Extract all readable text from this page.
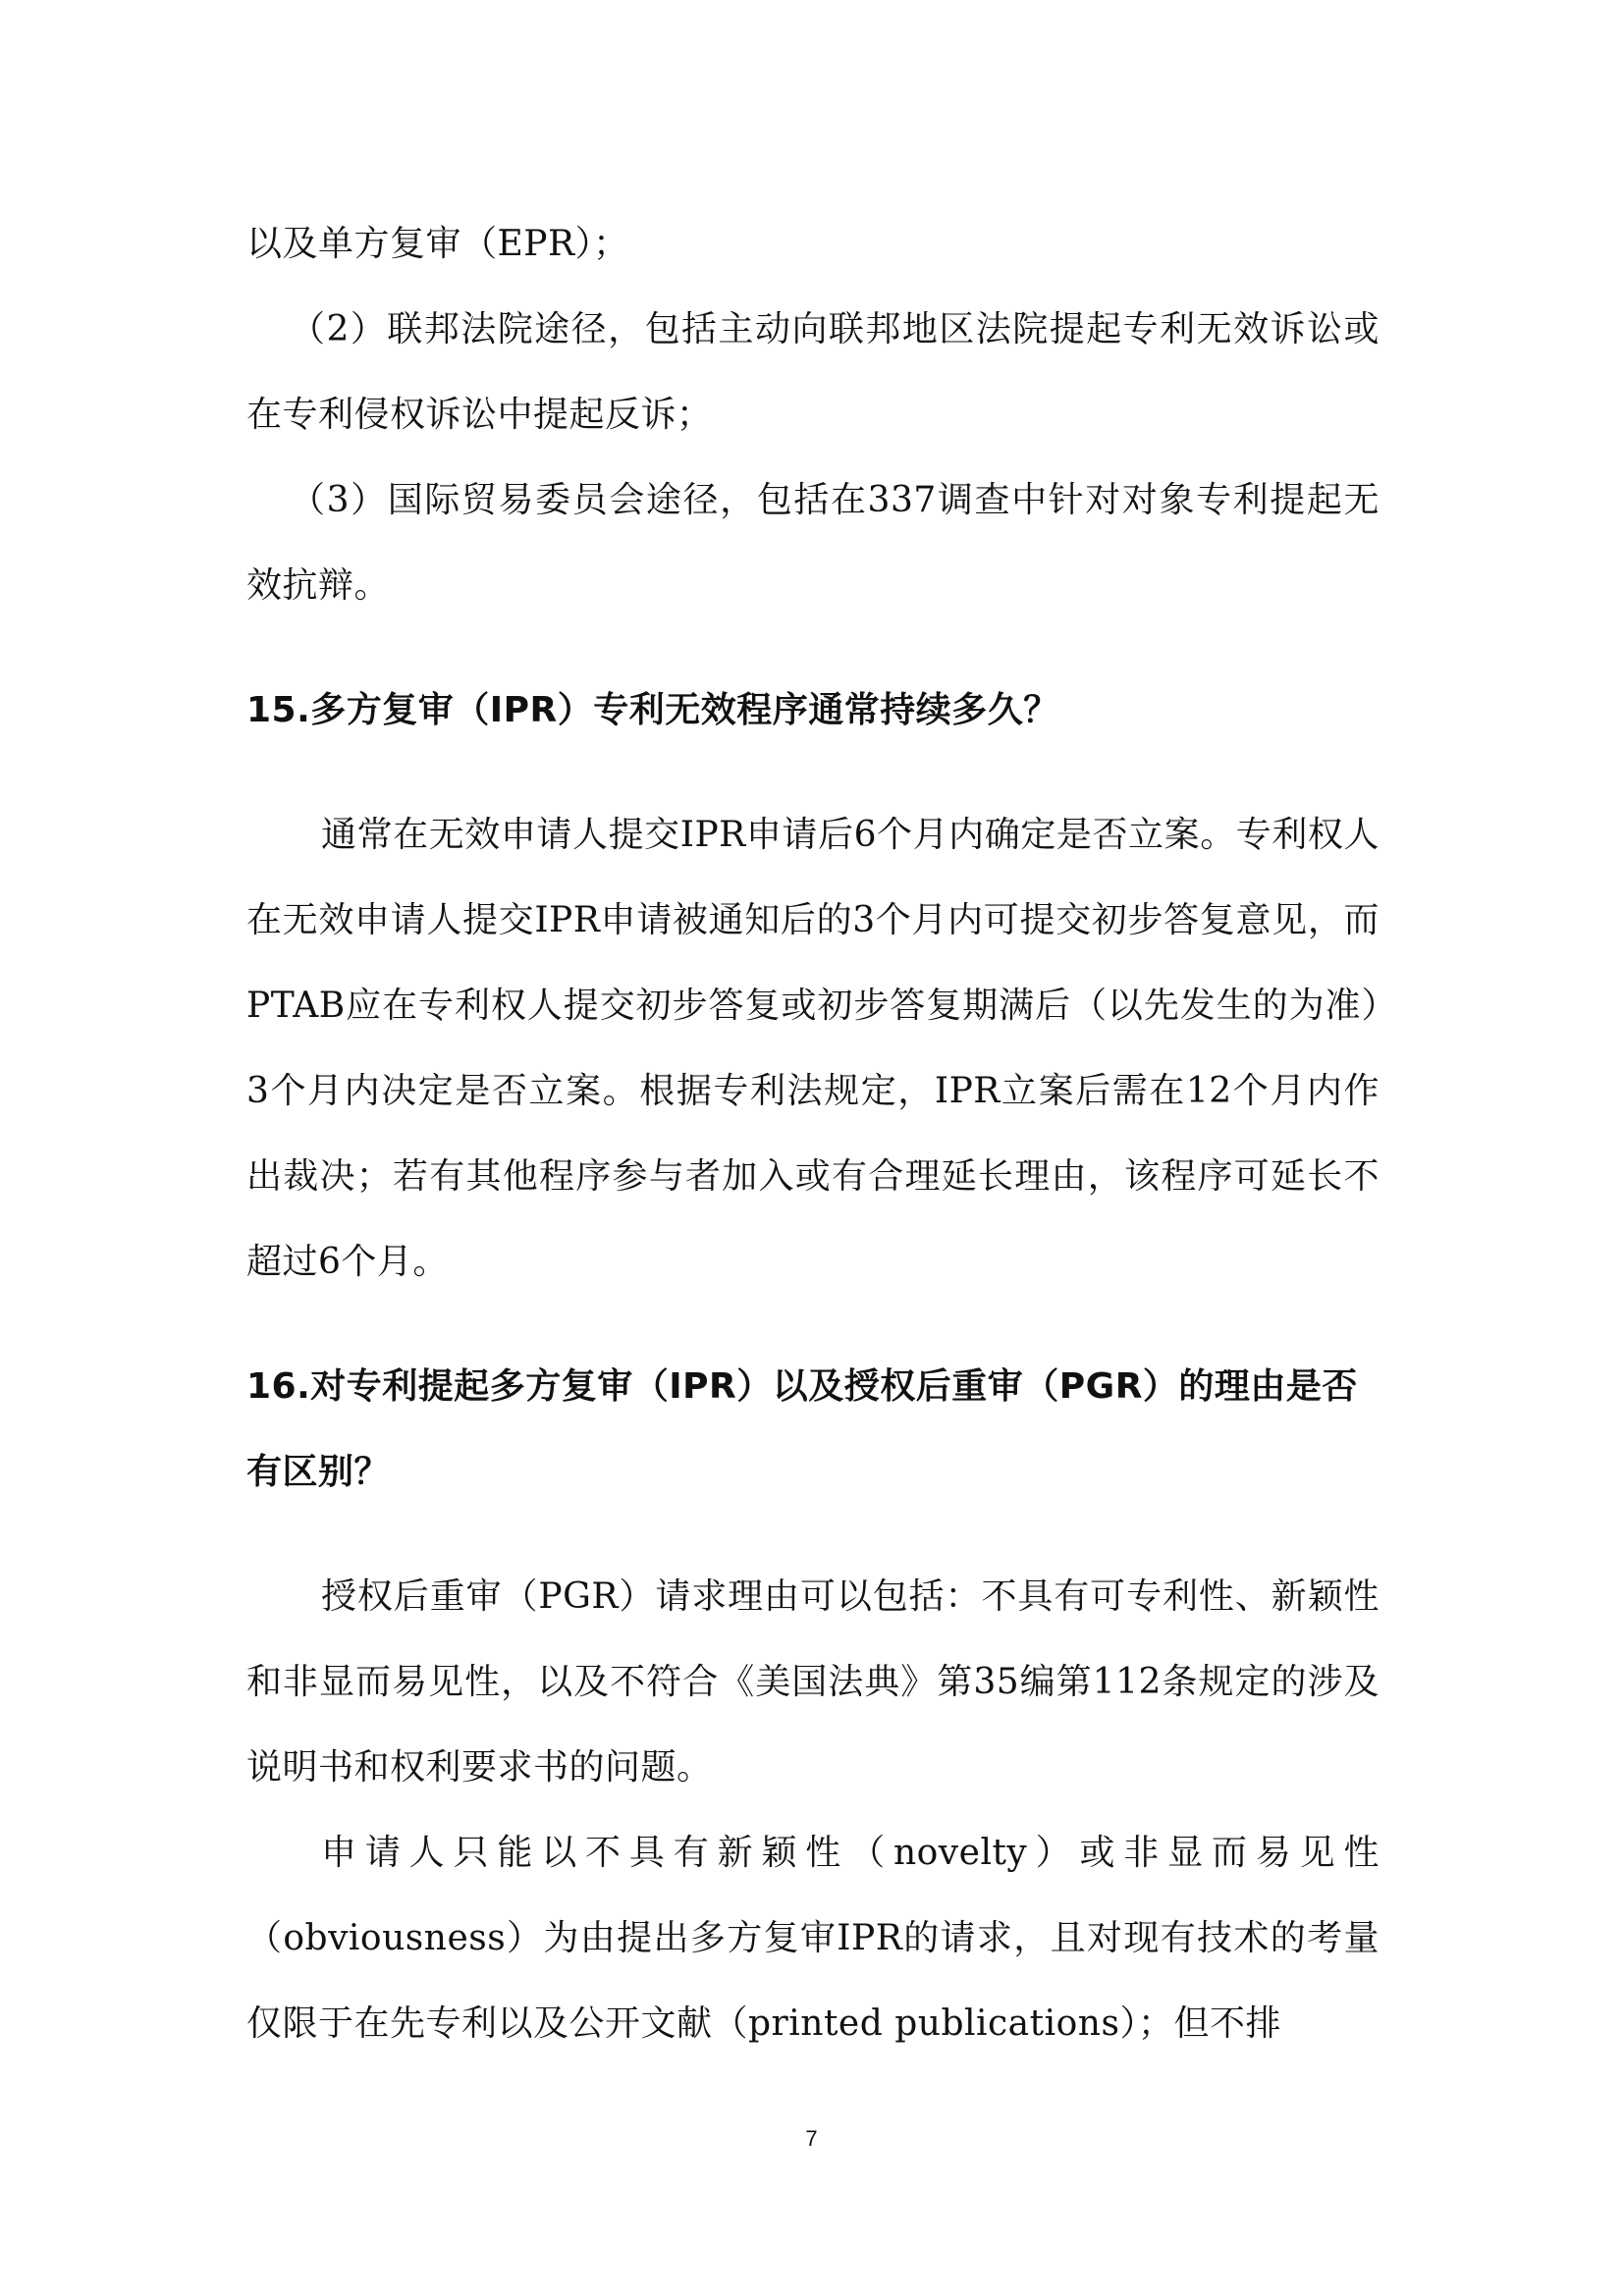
以及单方复审（EPR）；

（2）联邦法院途径，包括主动向联邦地区法院提起专利无效诉讼或在专利侵权诉讼中提起反诉；

（3）国际贸易委员会途径，包括在337调查中针对对象专利提起无效抗辩。

15.多方复审（IPR）专利无效程序通常持续多久？

通常在无效申请人提交IPR申请后6个月内确定是否立案。专利权人在无效申请人提交IPR申请被通知后的3个月内可提交初步答复意见，而PTAB应在专利权人提交初步答复或初步答复期满后（以先发生的为准）3个月内决定是否立案。根据专利法规定，IPR立案后需在12个月内作出裁决；若有其他程序参与者加入或有合理延长理由，该程序可延长不超过6个月。

16.对专利提起多方复审（IPR）以及授权后重审（PGR）的理由是否有区别？

授权后重审（PGR）请求理由可以包括：不具有可专利性、新颖性和非显而易见性，以及不符合《美国法典》第35编第112条规定的涉及说明书和权利要求书的问题。

申请人只能以不具有新颖性（novelty）或非显而易见性（obviousness）为由提出多方复审IPR的请求，且对现有技术的考量仅限于在先专利以及公开文献（printed publications）；但不排

7
